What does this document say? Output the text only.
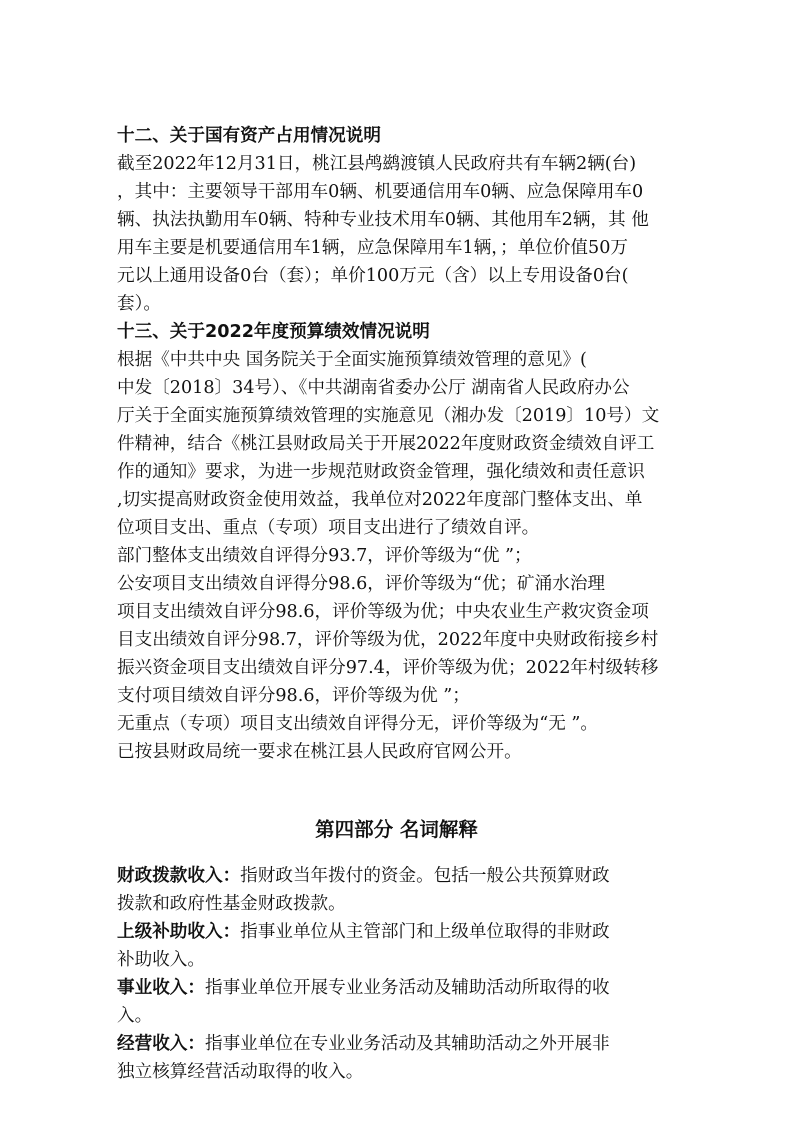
十二、关于国有资产占用情况说明
截至2022年12月31日，桃江县鸬鹚渡镇人民政府共有车辆2辆(台)
，其中：主要领导干部用车0辆、机要通信用车0辆、应急保障用车0
辆、执法执勤用车0辆、特种专业技术用车0辆、其他用车2辆，其 他
用车主要是机要通信用车1辆，应急保障用车1辆，；单位价值50万
元以上通用设备0台（套）；单价100万元（含）以上专用设备0台(
套）。
十三、关于2022年度预算绩效情况说明
根据《中共中央 国务院关于全面实施预算绩效管理的意见》(
中发〔2018〕34号）、《中共湖南省委办公厅 湖南省人民政府办公
厅关于全面实施预算绩效管理的实施意见（湘办发〔2019〕10号）文
件精神，结合《桃江县财政局关于开展2022年度财政资金绩效自评工
作的通知》要求，为进一步规范财政资金管理，强化绩效和责任意识
,切实提高财政资金使用效益，我单位对2022年度部门整体支出、单
位项目支出、重点（专项）项目支出进行了绩效自评。
部门整体支出绩效自评得分93.7，评价等级为“优 ”；
公安项目支出绩效自评得分98.6，评价等级为“优；矿涌水治理
项目支出绩效自评分98.6，评价等级为优；中央农业生产救灾资金项
目支出绩效自评分98.7，评价等级为优，2022年度中央财政衔接乡村
振兴资金项目支出绩效自评分97.4，评价等级为优；2022年村级转移
支付项目绩效自评分98.6，评价等级为优 ”；
无重点（专项）项目支出绩效自评得分无，评价等级为“无 ”。
已按县财政局统一要求在桃江县人民政府官网公开。
第四部分 名词解释
财政拨款收入：指财政当年拨付的资金。包括一般公共预算财政
拨款和政府性基金财政拨款。
上级补助收入：指事业单位从主管部门和上级单位取得的非财政
补助收入。
事业收入：指事业单位开展专业业务活动及辅助活动所取得的收
入。
经营收入：指事业单位在专业业务活动及其辅助活动之外开展非
独立核算经营活动取得的收入。
